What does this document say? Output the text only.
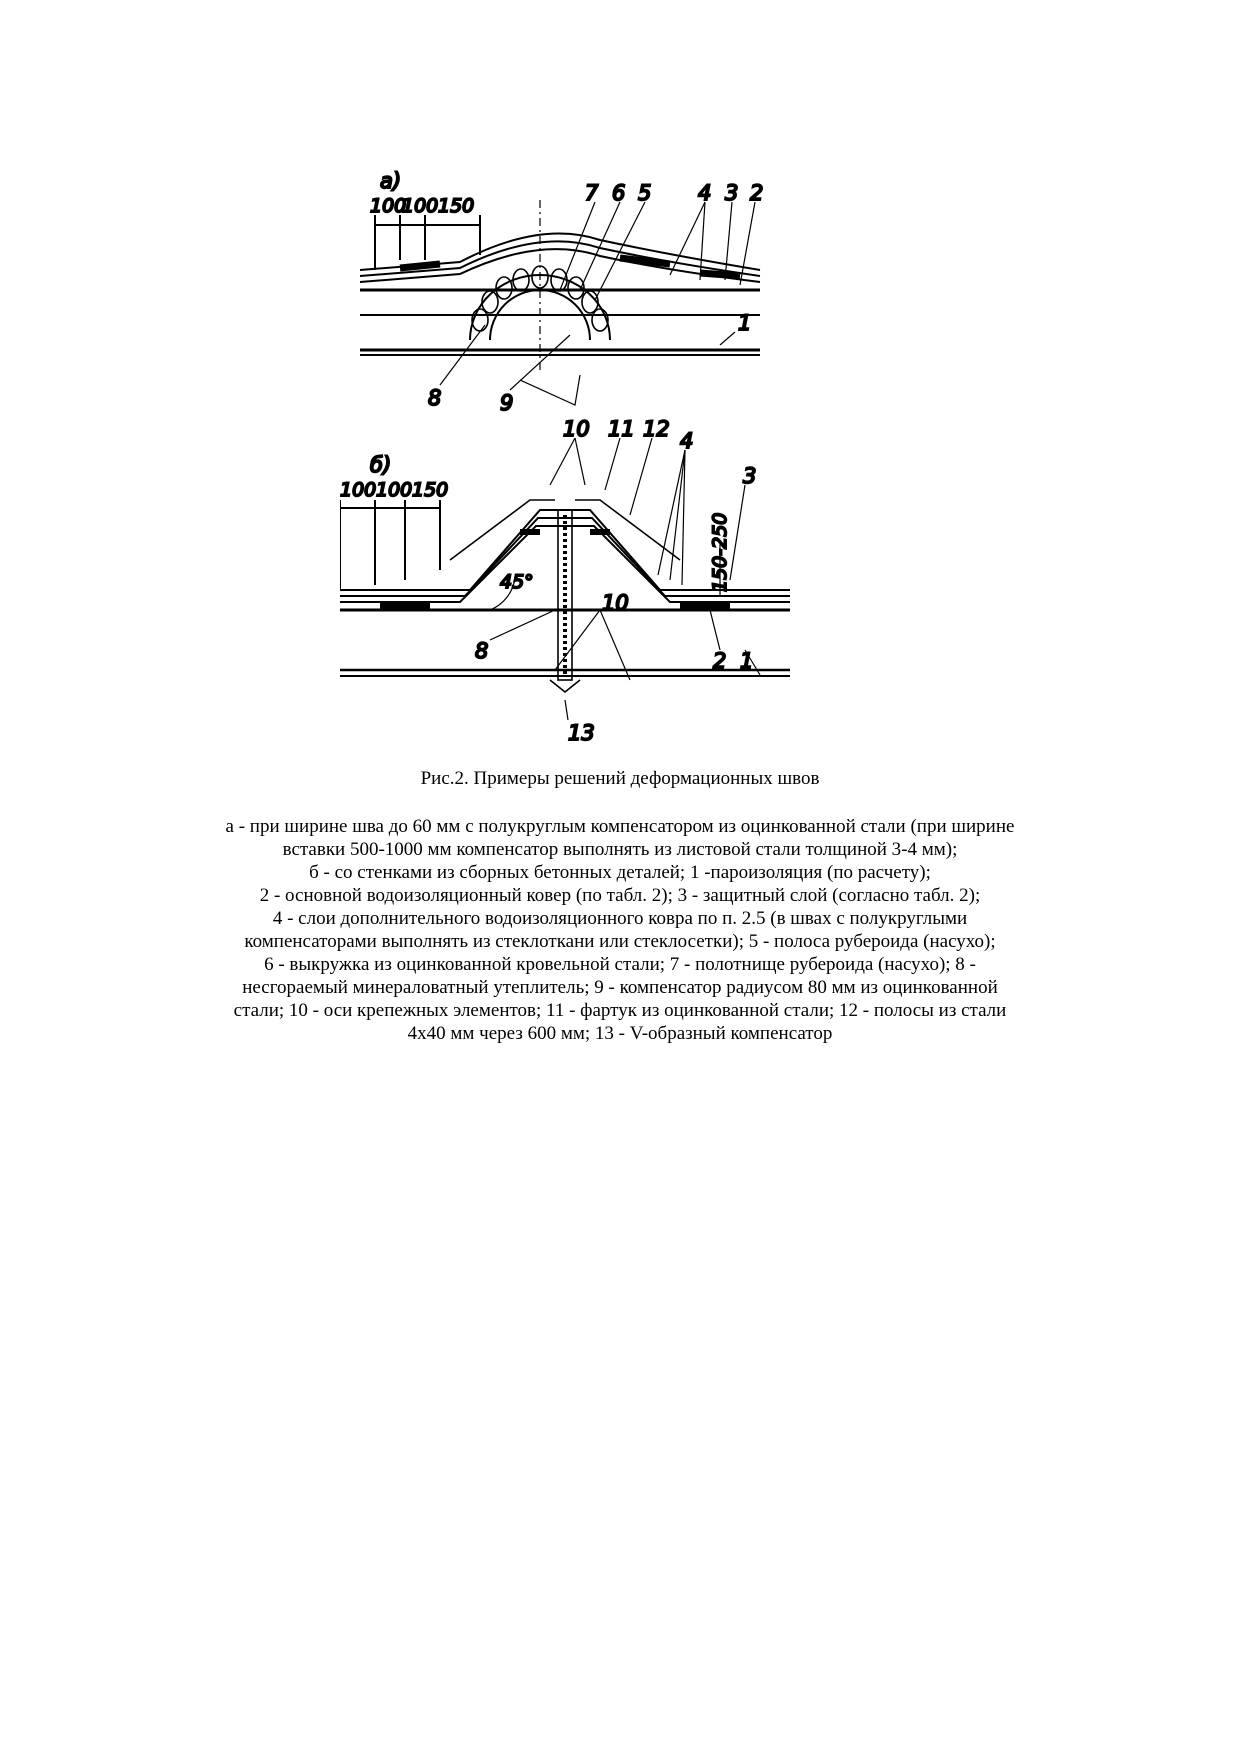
а)
100
100 150
7 6 5 4 3 2
1
8	9
б)
100 100 150
45°	150-250
10 11 12 4
3
8
10
2 1
13
Рис.2. Примеры решений деформационных швов

а - при ширине шва до 60 мм с полукруглым компенсатором из оцинкованной стали (при ширине

вставки 500-1000 мм компенсатор выполнять из листовой стали толщиной 3-4 мм);

б - со стенками из сборных бетонных деталей; 1 -пароизоляция (по расчету);

2 - основной водоизоляционный ковер (по табл. 2); 3 - защитный слой (согласно табл. 2);

4 - слои дополнительного водоизоляционного ковра по п. 2.5 (в швах с полукруглыми

компенсаторами выполнять из стеклоткани или стеклосетки); 5 - полоса рубероида (насухо);

6 - выкружка из оцинкованной кровельной стали; 7 - полотнище рубероида (насухо); 8 -

несгораемый минераловатный утеплитель; 9 - компенсатор радиусом 80 мм из оцинкованной

стали; 10 - оси крепежных элементов; 11 - фартук из оцинкованной стали; 12 - полосы из стали

4х40 мм через 600 мм; 13 - V-образный компенсатор
